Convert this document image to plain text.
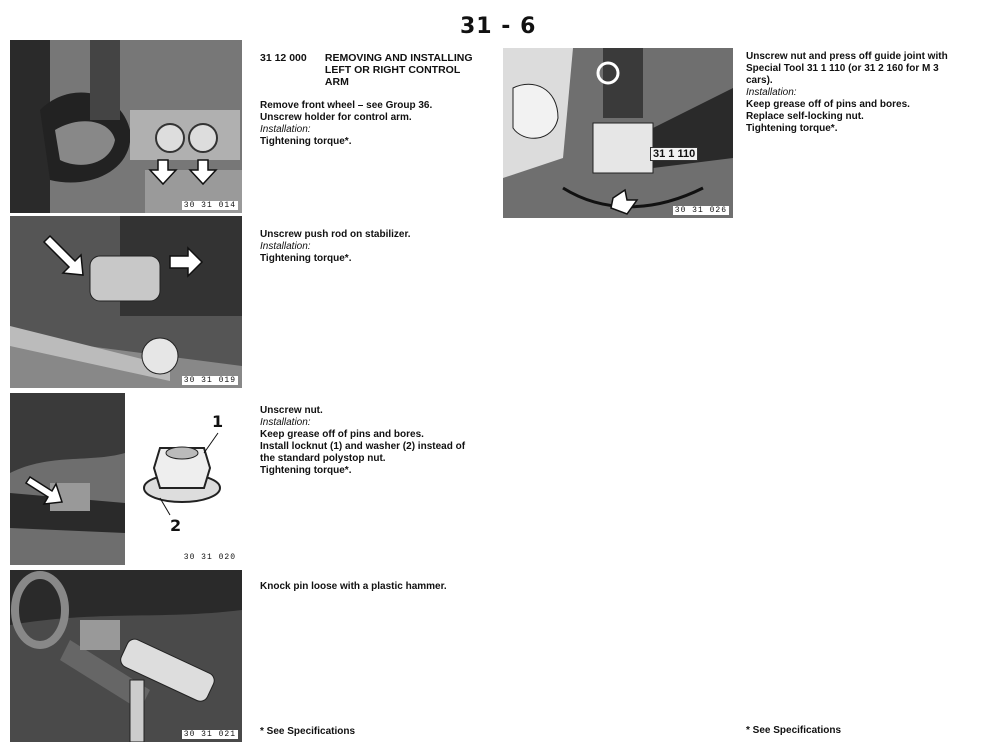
31 - 6
30 31 014
30 31 019
30 31 020
1
2
30 31 021
30 31 026
31 1 110
31 12 000 REMOVING AND INSTALLING
LEFT OR RIGHT CONTROL
ARM
Remove front wheel – see Group 36.
Unscrew holder for control arm.
Installation:
Tightening torque*.
Unscrew push rod on stabilizer.
Installation:
Tightening torque*.
Unscrew nut.
Installation:
Keep grease off of pins and bores.
Install locknut (1) and washer (2) instead of
the standard polystop nut.
Tightening torque*.
Knock pin loose with a plastic hammer.
Unscrew nut and press off guide joint with
Special Tool 31 1 110 (or 31 2 160 for M 3
cars).
Installation:
Keep grease off of pins and bores.
Replace self-locking nut.
Tightening torque*.
* See Specifications	* See Specifications
